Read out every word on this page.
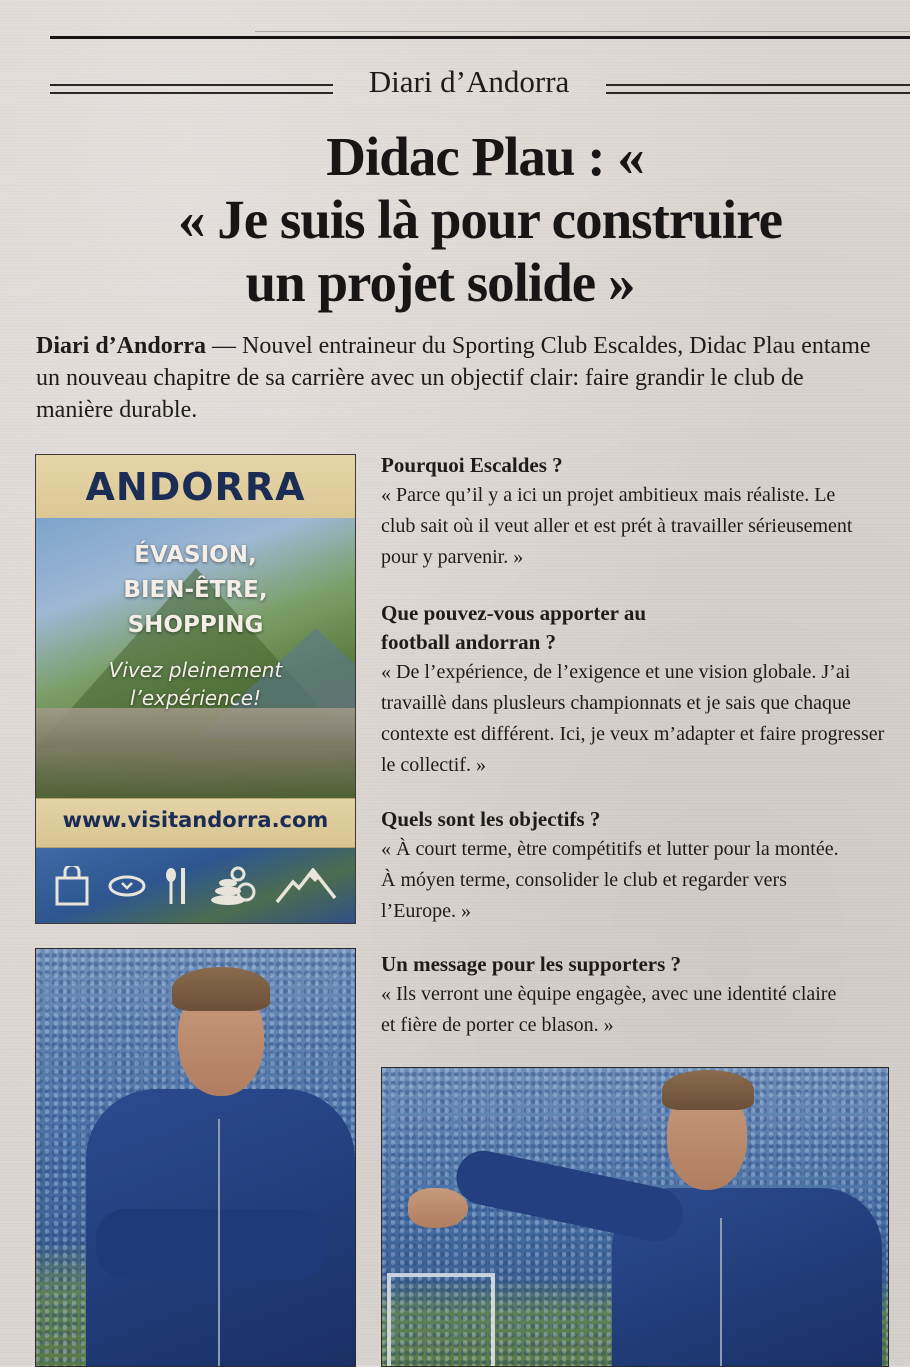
Diari d’Andorra
Didac Plau : «
« Je suis là pour construire
un projet solide »
Diari d’Andorra — Nouvel entraineur du Sporting Club Escaldes, Didac Plau entame un nouveau chapitre de sa carrière avec un objectif clair: faire grandir le club de manière durable.
ANDORRA
ÉVASION,
BIEN-ÊTRE,
SHOPPING
Vivez pleinement
l’expérience!
www.visitandorra.com
Pourquoi Escaldes ?
« Parce qu’il y a ici un projet ambitieux mais réaliste. Le club sait où il veut aller et est prét à travailler sérieusement pour y parvenir. »
Que pouvez-vous apporter au football andorran ?
« De l’expérience, de l’exigence et une vision globale. J’ai travaillè dans plusleurs championnats et je sais que chaque contexte est différent. Ici, je veux m’adapter et faire progresser le collectif. »
Quels sont les objectifs ?
« À court terme, ètre compétitifs et lutter pour la montée. À móyen terme, consolider le club et regarder vers l’Europe. »
Un message pour les supporters ?
« Ils verront une èquipe engagèe, avec une identité claire et fière de porter ce blason. »
